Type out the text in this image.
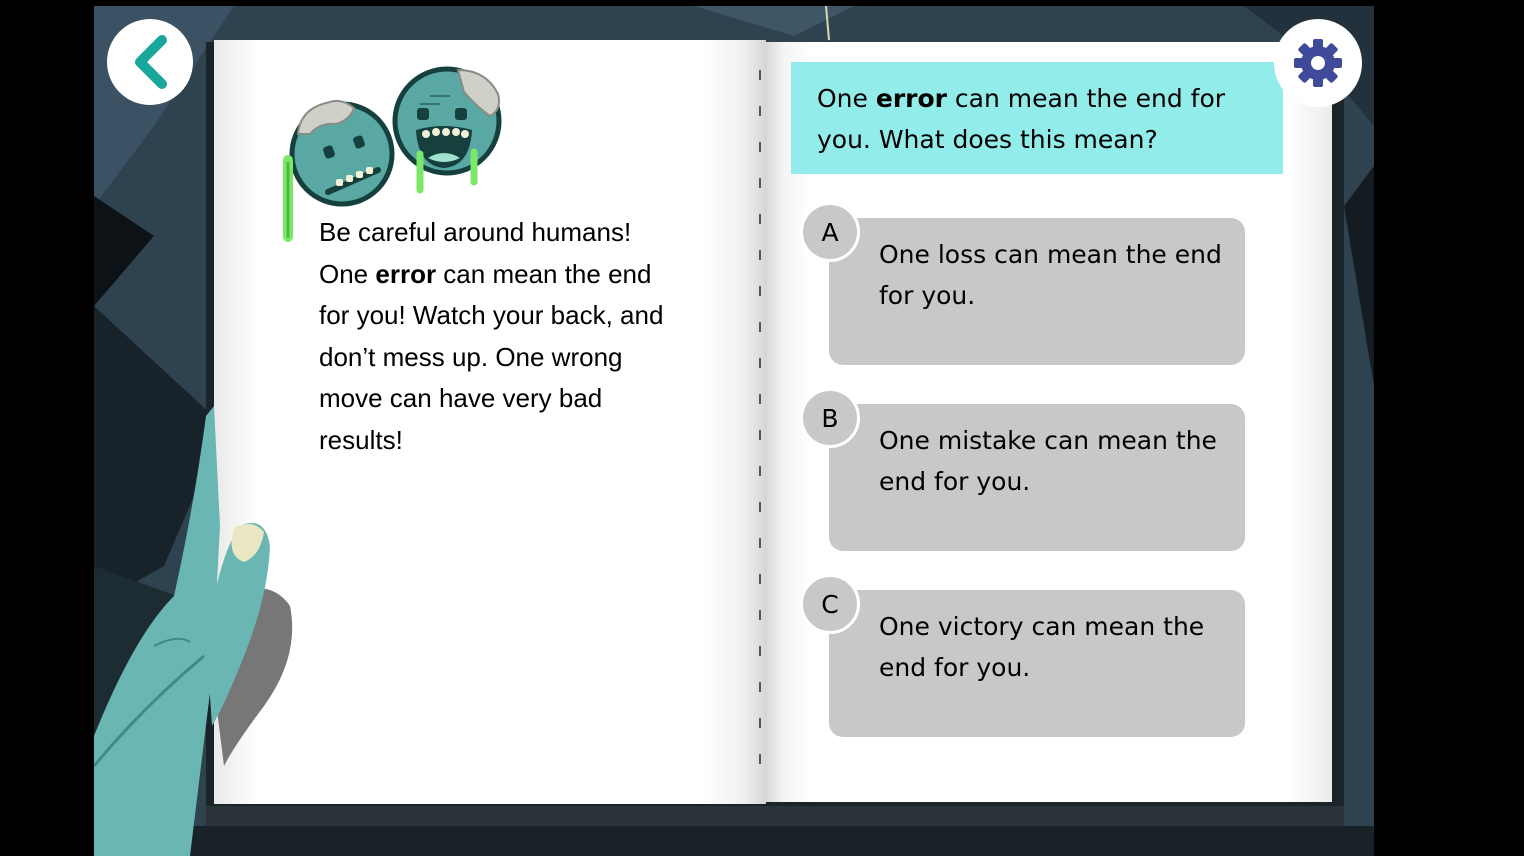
Be careful around humans!
One error can mean the end
for you! Watch your back, and
don’t mess up. One wrong
move can have very bad
results!
One error can mean the end for you. What does this mean?
One loss can mean the end for you.
A
One mistake can mean the end for you.
B
One victory can mean the end for you.
C
